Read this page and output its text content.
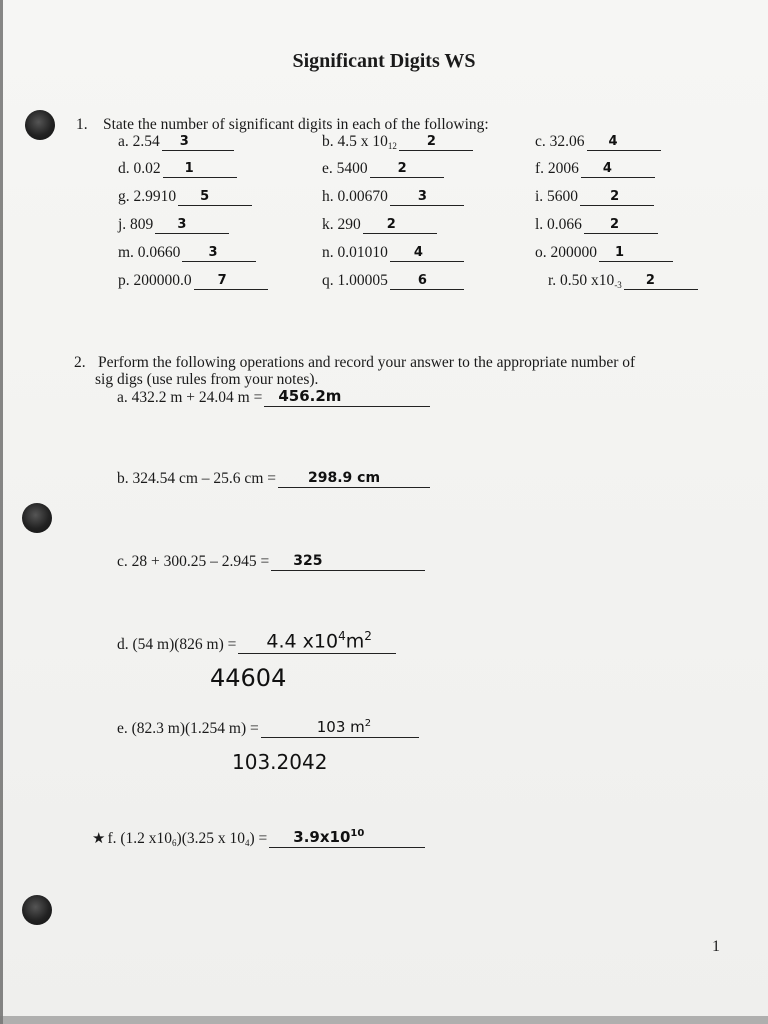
Significant Digits WS
1. State the number of significant digits in each of the following:
a. 2.54 3	b. 4.5 x $10_{12}$ 2	c. 32.06 4
d. 0.02 1	e. 5400 2	f. 2006 4
g. 2.9910 5	h. 0.00670 3	i. 5600 2
j. 809 3	k. 290 2	l. 0.066 2
m. 0.0660 3	n. 0.01010 4	o. 200000 1
p. 200000.0 7	q. 1.00005 6	r. 0.50 $x10_{-3}$ 2
2. Perform the following operations and record your answer to the appropriate number of
sig digs (use rules from your notes).
a. 432.2 m + 24.04 m = 456.2m
b. 324.54 cm – 25.6 cm = 298.9 cm
c. 28 + 300.25 – 2.945 = 325
d. (54 m)(826 m) = 4.4 $x10^4m^2$
44604
e. (82.3 m)(1.254 m) =	103 $m^2$
103.2042
★ f. (1.2 $x10_6$ )(3.25 x $10_4$ ) = $3.9x10^{10}$
1
